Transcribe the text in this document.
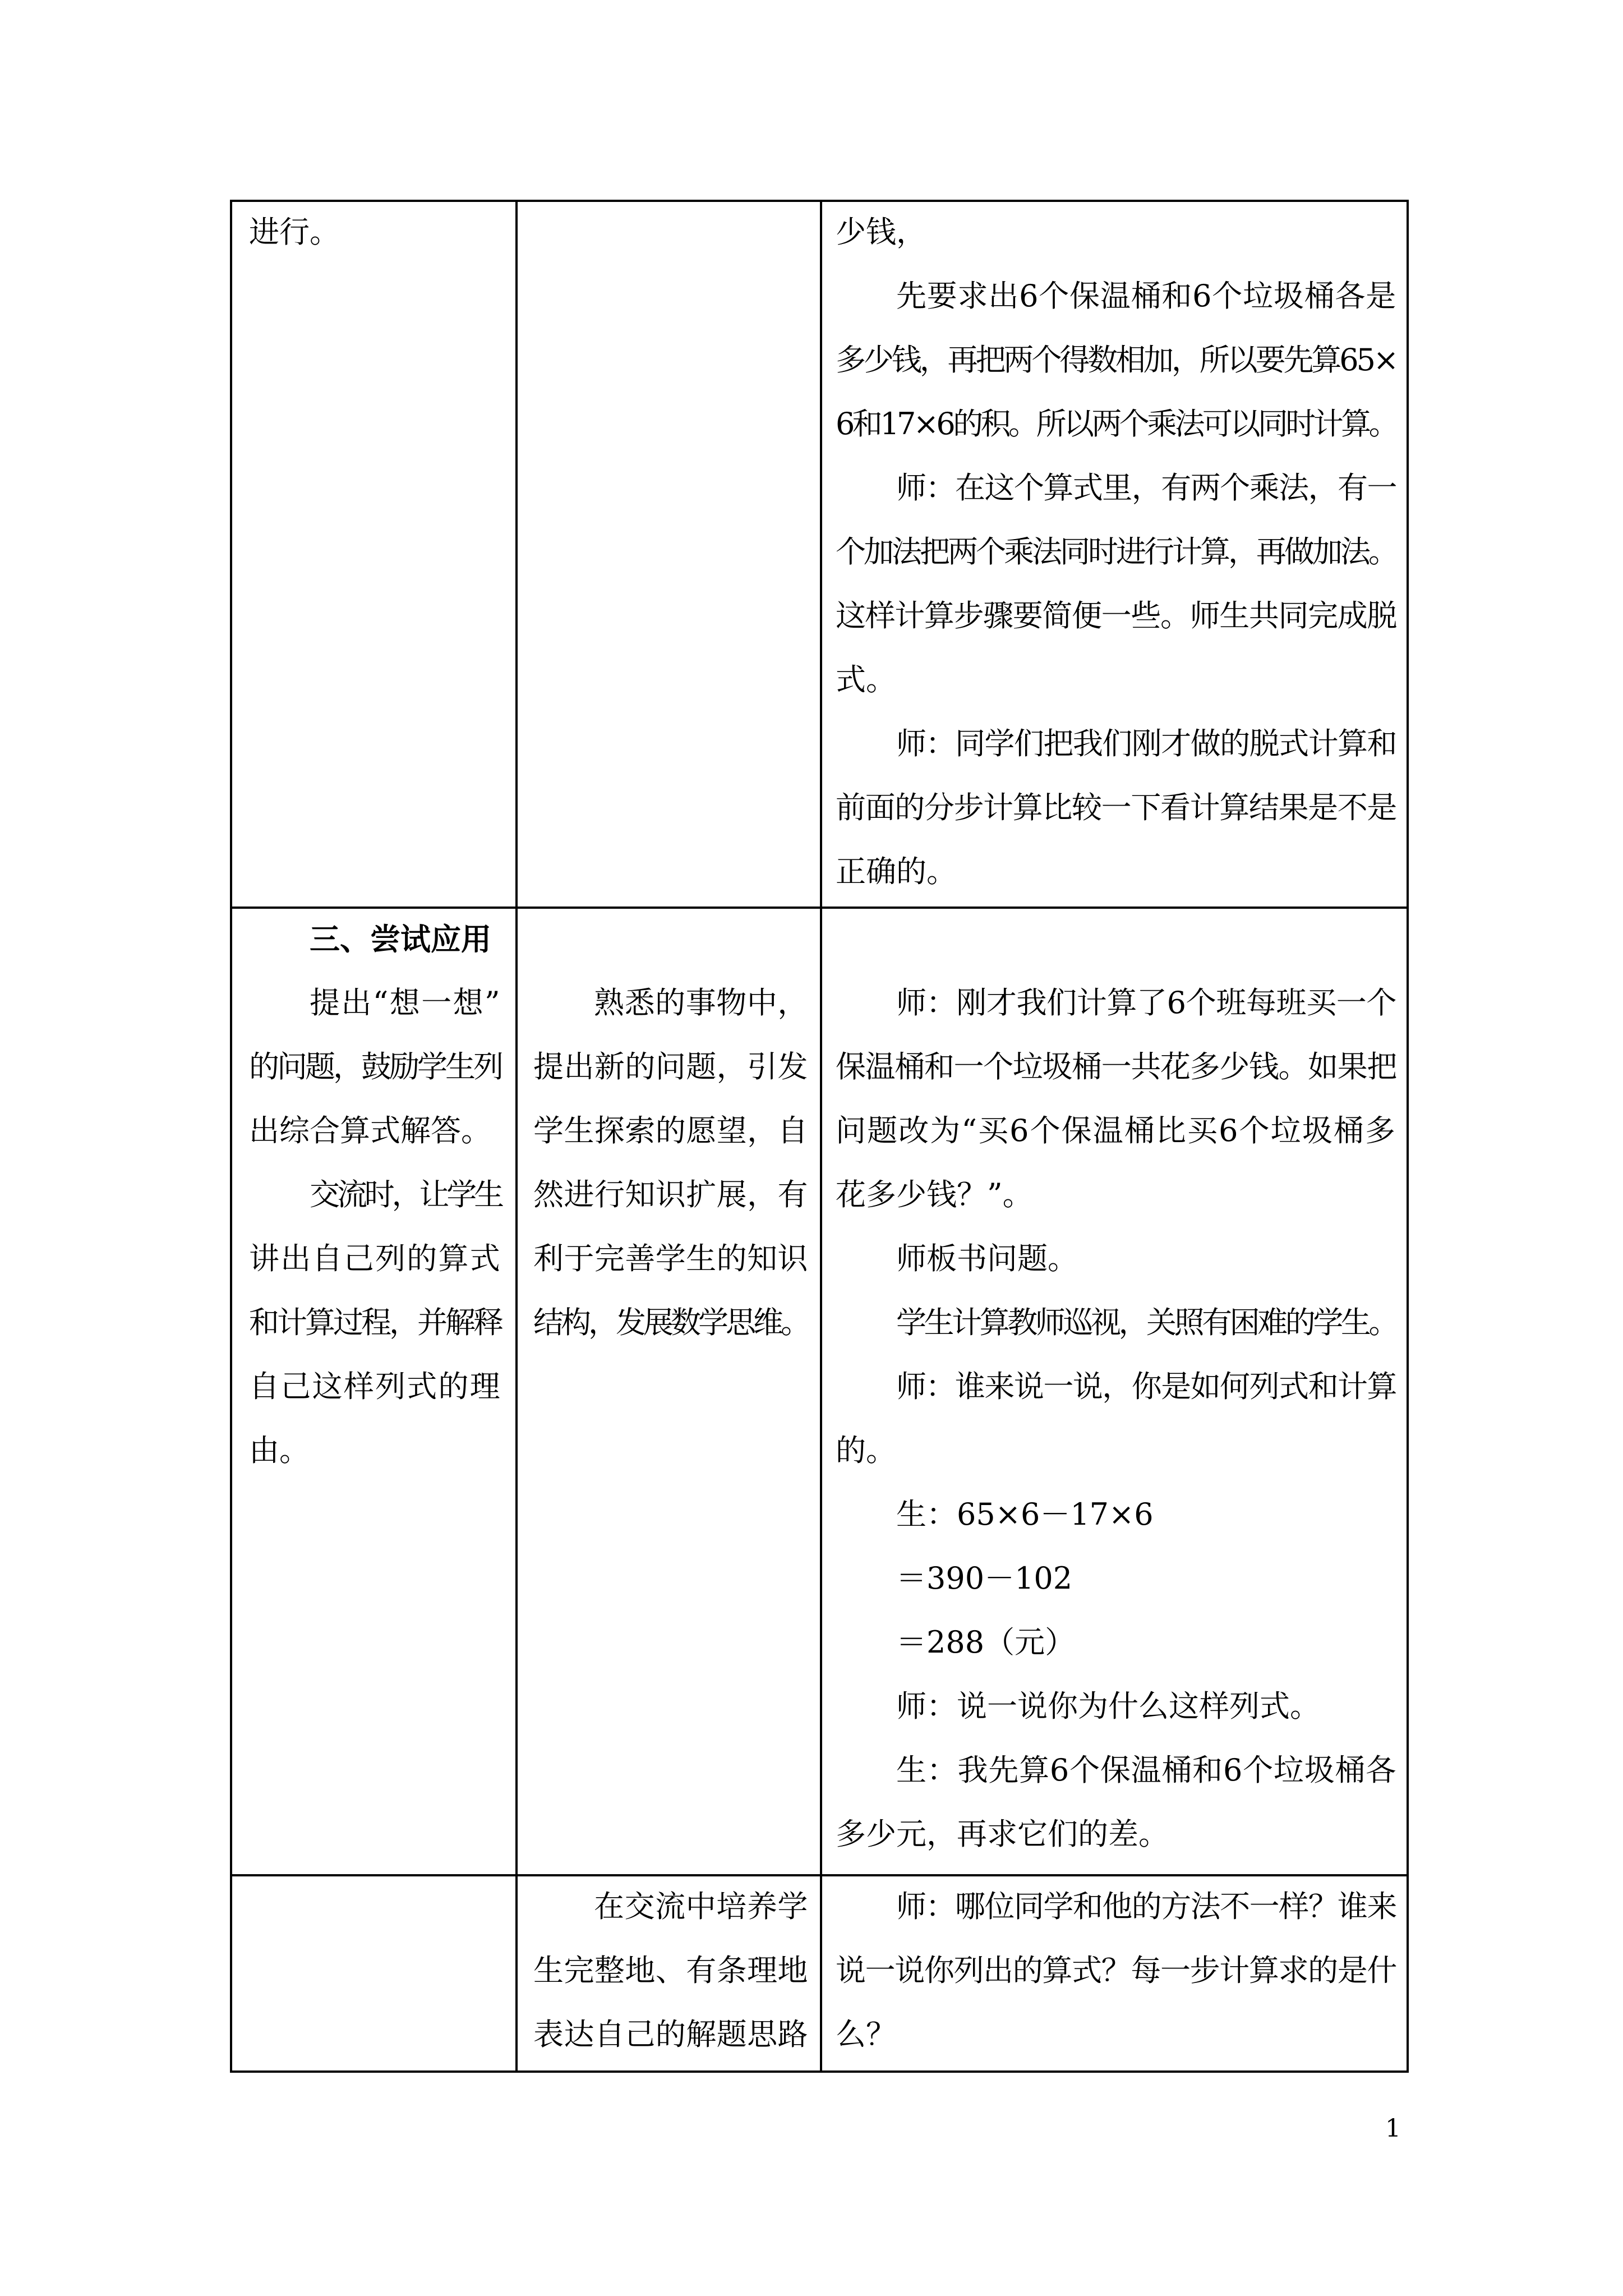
进行。	少钱，
先要求出6个保温桶和6个垃圾桶各是
多少钱，再把两个得数相加，所以要先算65×
6和17×6的积。所以两个乘法可以同时计算。
师：在这个算式里，有两个乘法，有一
个加法把两个乘法同时进行计算，再做加法。
这样计算步骤要简便一些。师生共同完成脱
式。
师：同学们把我们刚才做的脱式计算和
前面的分步计算比较一下看计算结果是不是
正确的。
三、尝试应用
提出“想一想”
的问题，鼓励学生列
出综合算式解答。
交流时，让学生
讲出自己列的算式
和计算过程，并解释
自己这样列式的理
由。
熟悉的事物中，
提出新的问题，引发
学生探索的愿望，自
然进行知识扩展，有
利于完善学生的知识
结构，发展数学思维。
师：刚才我们计算了6个班每班买一个
保温桶和一个垃圾桶一共花多少钱。如果把
问题改为“买6个保温桶比买6个垃圾桶多
花多少钱？”。
师板书问题。
学生计算教师巡视，关照有困难的学生。
师：谁来说一说，你是如何列式和计算
的。
生：65×6－17×6
＝390－102
＝288（元）
师：说一说你为什么这样列式。
生：我先算6个保温桶和6个垃圾桶各
多少元，再求它们的差。
在交流中培养学
生完整地、有条理地
表达自己的解题思路
师：哪位同学和他的方法不一样？谁来
说一说你列出的算式？每一步计算求的是什
么？
1
